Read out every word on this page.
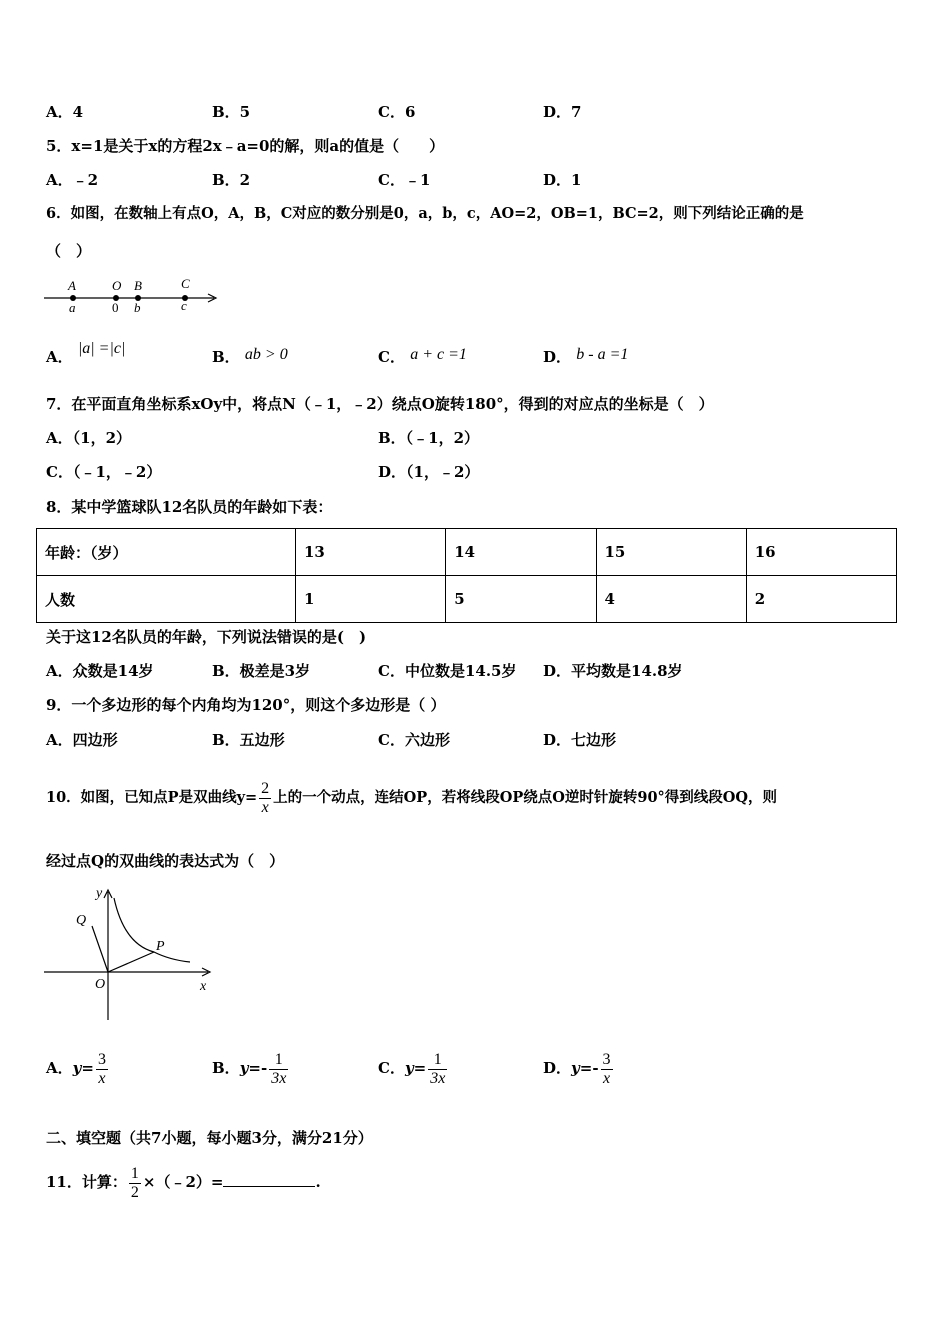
A．4	B．5	C．6	D．7
5．x=1是关于x的方程2x﹣a=0的解，则a的值是（　　）
A．﹣2	B．2	C．﹣1	D．1
6．如图，在数轴上有点O，A，B，C对应的数分别是0，a，b，c，AO=2，OB=1，BC=2，则下列结论正确的是
（　）
A	O B	C
a	0 b	c
A． |a| =|c|	B． ab > 0	C． a + c =1	D． b - a =1
7．在平面直角坐标系xOy中，将点N（﹣1，﹣2）绕点O旋转180°，得到的对应点的坐标是（　）
A．（1，2）	B．（﹣1，2）
C．（﹣1，﹣2）	D．（1，﹣2）
8．某中学篮球队12名队员的年龄如下表：
年龄：（岁）	13	14	15	16
人数	1	5	4	2
关于这12名队员的年龄，下列说法错误的是(　)
A．众数是14岁	B．极差是3岁	C．中位数是14.5岁 D．平均数是14.8岁
9．一个多边形的每个内角均为120°，则这个多边形是（ ）
A．四边形	B．五边形	C．六边形	D．七边形
10．如图，已知点P是双曲线$y= \frac{2}{x}$ 上的一个动点，连结OP，若将线段OP绕点O逆时针旋转90°得到线段OQ，则
经过点Q的双曲线的表达式为（　）
y
x
O
P
Q
A．$y= \frac{3}{x}$	B．$y=- \frac{1}{3x}$	C．$y= \frac{1}{3x}$	D．$y=- \frac{3}{x}$
二、填空题（共7小题，每小题3分，满分21分）
11．计算： $\frac{1}{2}$ ×（﹣2）=	.
